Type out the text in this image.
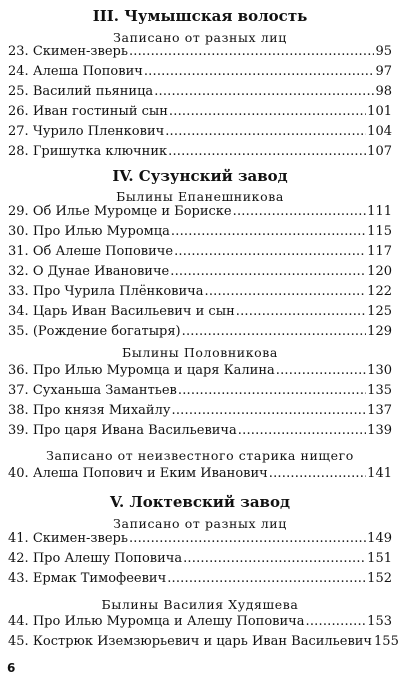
III. Чумышская волость
Записано от разных лиц
23. Скимен-зверь .....	95
24. Алеша Попович .....	97
25. Василий пьяница .....	98
26. Иван гостиный сын .....	101
27. Чурило Пленкович .....	104
28. Гришутка ключник .....	107
IV. Сузунский завод
Былины Епанешникова
29. Об Илье Муромце и Бориске .....	111
30. Про Илью Муромца .....	115
31. Об Алеше Поповиче .....	117
32. О Дунае Ивановиче .....	120
33. Про Чурила Плёнковича .....	122
34. Царь Иван Васильевич и сын .....	125
35. (Рождение богатыря) .....	129
Былины Половникова
36. Про Илью Муромца и царя Калина .....	130
37. Суханьша Замантьев .....	135
38. Про князя Михайлу .....	137
39. Про царя Ивана Васильевича .....	139
Записано от неизвестного старика нищего
40. Алеша Попович и Еким Иванович .....	141
V. Локтевский завод
Записано от разных лиц
41. Скимен-зверь .....	149
42. Про Алешу Поповича .....	151
43. Ермак Тимофеевич .....	152
Былины Василия Худяшева
44. Про Илью Муромца и Алешу Поповича .....	153
45. Кострюк Иземзюрьевич и царь Иван Васильевич 155
6
